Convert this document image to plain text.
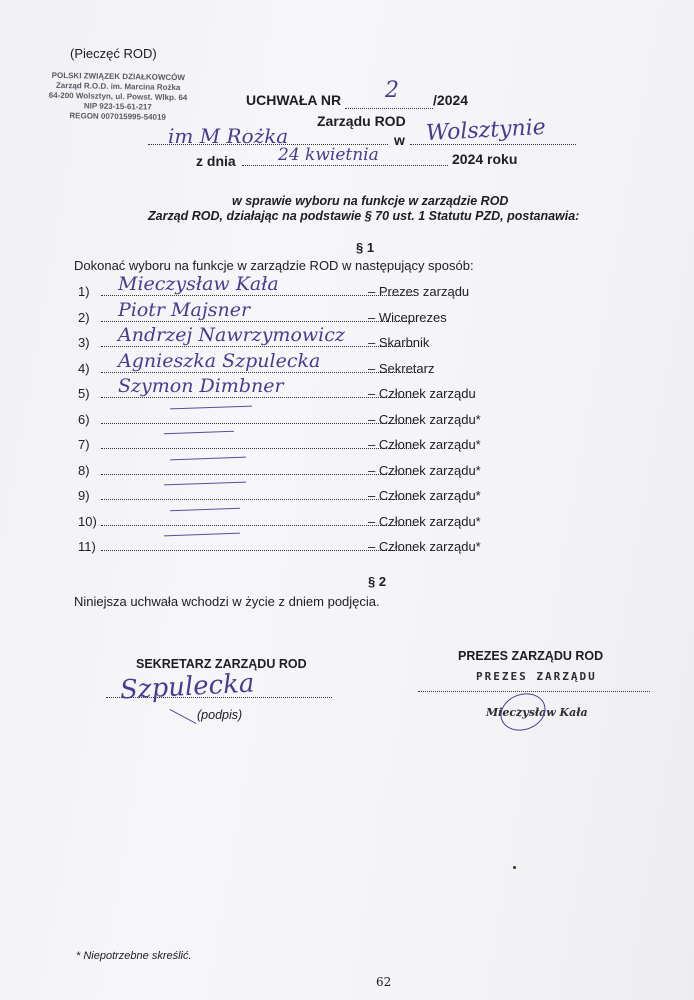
(Pieczęć ROD)
POLSKI ZWIĄZEK DZIAŁKOWCÓW
Zarząd R.O.D. im. Marcina Rożka
64-200 Wolsztyn, ul. Powst. Wlkp. 64
NIP 923-15-61-217
REGON 007015995-54019
UCHWAŁA NR 2 /2024
Zarządu ROD
im M Rożka	w Wolsztynie
z dnia 24 kwietnia	2024 roku
w sprawie wyboru na funkcje w zarządzie ROD
Zarząd ROD, działając na podstawie § 70 ust. 1 Statutu PZD, postanawia:
§ 1
Dokonać wyboru na funkcje w zarządzie ROD w następujący sposób:
1) Mieczysław Kała	– Prezes zarządu
2) Piotr Majsner	– Wiceprezes
3) Andrzej Nawrzymowicz – Skarbnik
4) Agnieszka Szpulecka	– Sekretarz
5) Szymon Dimbner	– Członek zarządu
6)	– Członek zarządu*
7)	– Członek zarządu*
8)	– Członek zarządu*
9)	– Członek zarządu*
10)	– Członek zarządu*
11)	– Członek zarządu*
§ 2
Niniejsza uchwała wchodzi w życie z dniem podjęcia.
SEKRETARZ ZARZĄDU ROD
Szpulecka
(podpis)
PREZES ZARZĄDU ROD
PREZES ZARZĄDU
Mieczysław Kała
* Niepotrzebne skreślić.
62
